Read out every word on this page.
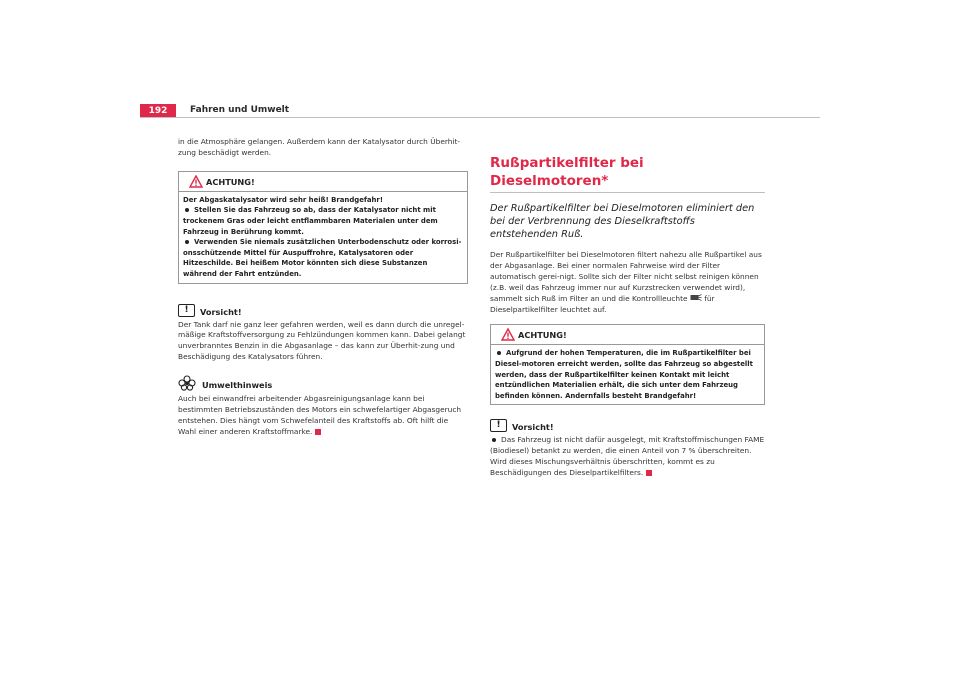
192	Fahren und Umwelt

in die Atmosphäre gelangen. Außerdem kann der Katalysator durch Überhit-zung beschädigt werden.

ACHTUNG!
Der Abgaskatalysator wird sehr heiß! Brandgefahr!
Stellen Sie das Fahrzeug so ab, dass der Katalysator nicht mit trockenem Gras oder leicht entflammbaren Materialen unter dem Fahrzeug in Berührung kommt.
Verwenden Sie niemals zusätzlichen Unterbodenschutz oder korrosi-onsschützende Mittel für Auspuffrohre, Katalysatoren oder Hitzeschilde. Bei heißem Motor könnten sich diese Substanzen während der Fahrt entzünden.
!	Vorsicht!

Der Tank darf nie ganz leer gefahren werden, weil es dann durch die unregel-mäßige Kraftstoffversorgung zu Fehlzündungen kommen kann. Dabei gelangt unverbranntes Benzin in die Abgasanlage – das kann zur Überhit-zung und Beschädigung des Katalysators führen.

Umwelthinweis

Auch bei einwandfrei arbeitender Abgasreinigungsanlage kann bei bestimmten Betriebszuständen des Motors ein schwefelartiger Abgasgeruch entstehen. Dies hängt vom Schwefelanteil des Kraftstoffs ab. Oft hilft die Wahl einer anderen Kraftstoffmarke.

Rußpartikelfilter bei Dieselmotoren*
Der Rußpartikelfilter bei Dieselmotoren eliminiert den bei der Verbrennung des Dieselkraftstoffs entstehenden Ruß.

Der Rußpartikelfilter bei Dieselmotoren filtert nahezu alle Rußpartikel aus der Abgasanlage. Bei einer normalen Fahrweise wird der Filter automatisch gerei-nigt. Sollte sich der Filter nicht selbst reinigen können (z.B. weil das Fahrzeug immer nur auf Kurzstrecken verwendet wird), sammelt sich Ruß im Filter an und die Kontrollleuchte für Dieselpartikelfilter leuchtet auf.

ACHTUNG!
Aufgrund der hohen Temperaturen, die im Rußpartikelfilter bei Diesel-motoren erreicht werden, sollte das Fahrzeug so abgestellt werden, dass der Rußpartikelfilter keinen Kontakt mit leicht entzündlichen Materialien erhält, die sich unter dem Fahrzeug befinden können. Andernfalls besteht Brandgefahr!
!	Vorsicht!

Das Fahrzeug ist nicht dafür ausgelegt, mit Kraftstoffmischungen FAME (Biodiesel) betankt zu werden, die einen Anteil von 7 % überschreiten. Wird dieses Mischungsverhältnis überschritten, kommt es zu Beschädigungen des Dieselpartikelfilters.
